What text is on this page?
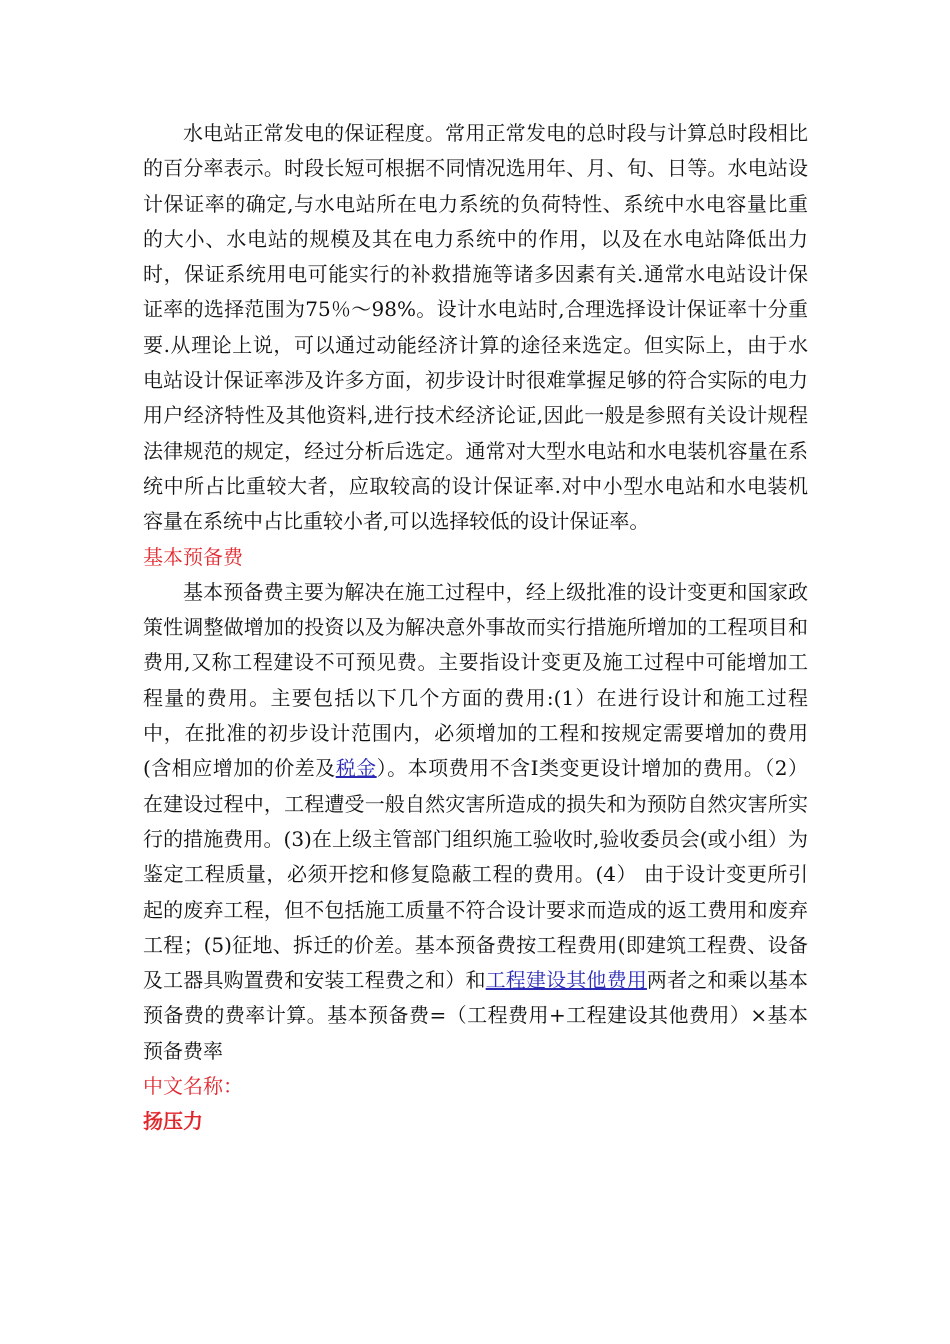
水电站正常发电的保证程度。常用正常发电的总时段与计算总时段相比的百分率表示。时段长短可根据不同情况选用年、月、旬、日等。水电站设计保证率的确定,与水电站所在电力系统的负荷特性、系统中水电容量比重的大小、水电站的规模及其在电力系统中的作用，以及在水电站降低出力时，保证系统用电可能实行的补救措施等诸多因素有关.通常水电站设计保证率的选择范围为75％～98%。设计水电站时,合理选择设计保证率十分重要.从理论上说，可以通过动能经济计算的途径来选定。但实际上，由于水电站设计保证率涉及许多方面，初步设计时很难掌握足够的符合实际的电力用户经济特性及其他资料,进行技术经济论证,因此一般是参照有关设计规程法律规范的规定，经过分析后选定。通常对大型水电站和水电装机容量在系统中所占比重较大者，应取较高的设计保证率.对中小型水电站和水电装机容量在系统中占比重较小者,可以选择较低的设计保证率。

基本预备费

基本预备费主要为解决在施工过程中，经上级批准的设计变更和国家政策性调整做增加的投资以及为解决意外事故而实行措施所增加的工程项目和费用,又称工程建设不可预见费。主要指设计变更及施工过程中可能增加工程量的费用。主要包括以下几个方面的费用:(1）在进行设计和施工过程中，在批准的初步设计范围内，必须增加的工程和按规定需要增加的费用 (含相应增加的价差及税金）。本项费用不含Ⅰ类变更设计增加的费用。（2） 在建设过程中，工程遭受一般自然灾害所造成的损失和为预防自然灾害所实行的措施费用。(3)在上级主管部门组织施工验收时,验收委员会(或小组）为鉴定工程质量，必须开挖和修复隐蔽工程的费用。(4） 由于设计变更所引起的废弃工程，但不包括施工质量不符合设计要求而造成的返工费用和废弃工程；(5)征地、拆迁的价差。基本预备费按工程费用(即建筑工程费、设备及工器具购置费和安装工程费之和）和工程建设其他费用两者之和乘以基本预备费的费率计算。基本预备费=（工程费用+工程建设其他费用）×基本预备费率

中文名称：

扬压力
